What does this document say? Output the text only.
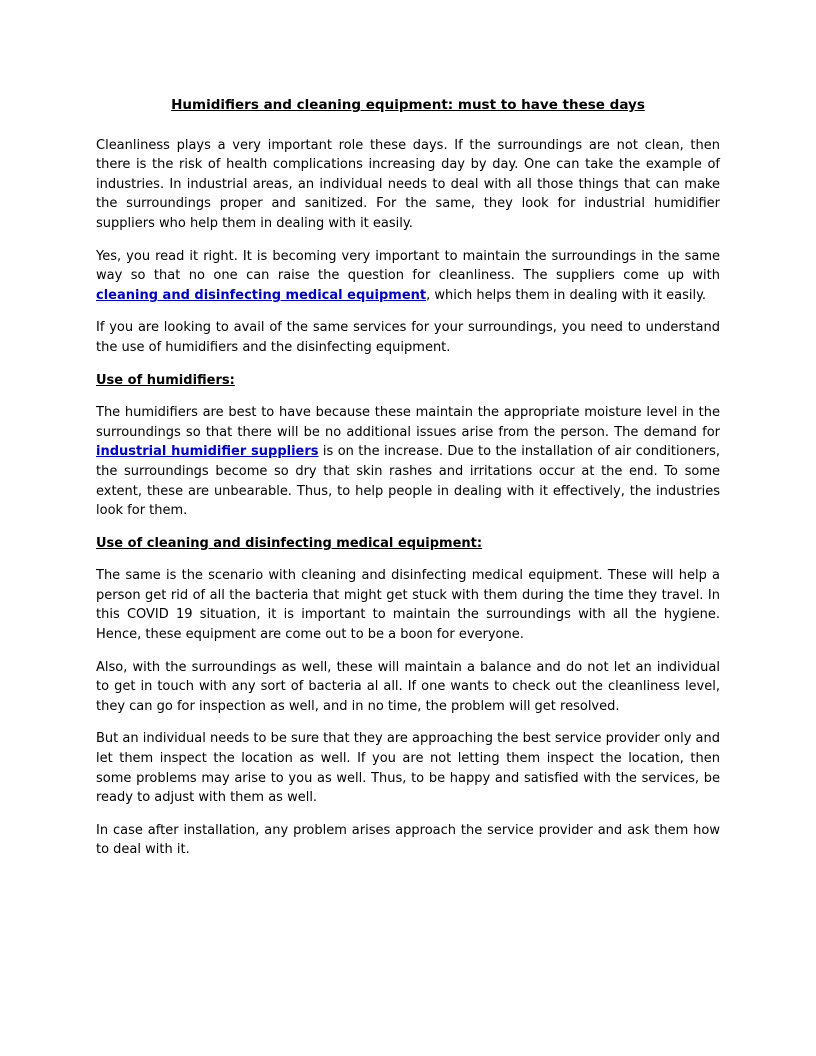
Humidifiers and cleaning equipment: must to have these days

Cleanliness plays a very important role these days. If the surroundings are not clean, then there is the risk of health complications increasing day by day. One can take the example of industries. In industrial areas, an individual needs to deal with all those things that can make the surroundings proper and sanitized. For the same, they look for industrial humidifier suppliers who help them in dealing with it easily.

Yes, you read it right. It is becoming very important to maintain the surroundings in the same way so that no one can raise the question for cleanliness. The suppliers come up with cleaning and disinfecting medical equipment, which helps them in dealing with it easily.

If you are looking to avail of the same services for your surroundings, you need to understand the use of humidifiers and the disinfecting equipment.

Use of humidifiers:

The humidifiers are best to have because these maintain the appropriate moisture level in the surroundings so that there will be no additional issues arise from the person. The demand for industrial humidifier suppliers is on the increase. Due to the installation of air conditioners, the surroundings become so dry that skin rashes and irritations occur at the end. To some extent, these are unbearable. Thus, to help people in dealing with it effectively, the industries look for them.

Use of cleaning and disinfecting medical equipment:

The same is the scenario with cleaning and disinfecting medical equipment. These will help a person get rid of all the bacteria that might get stuck with them during the time they travel. In this COVID 19 situation, it is important to maintain the surroundings with all the hygiene. Hence, these equipment are come out to be a boon for everyone.

Also, with the surroundings as well, these will maintain a balance and do not let an individual to get in touch with any sort of bacteria al all. If one wants to check out the cleanliness level, they can go for inspection as well, and in no time, the problem will get resolved.

But an individual needs to be sure that they are approaching the best service provider only and let them inspect the location as well. If you are not letting them inspect the location, then some problems may arise to you as well. Thus, to be happy and satisfied with the services, be ready to adjust with them as well.

In case after installation, any problem arises approach the service provider and ask them how to deal with it.
